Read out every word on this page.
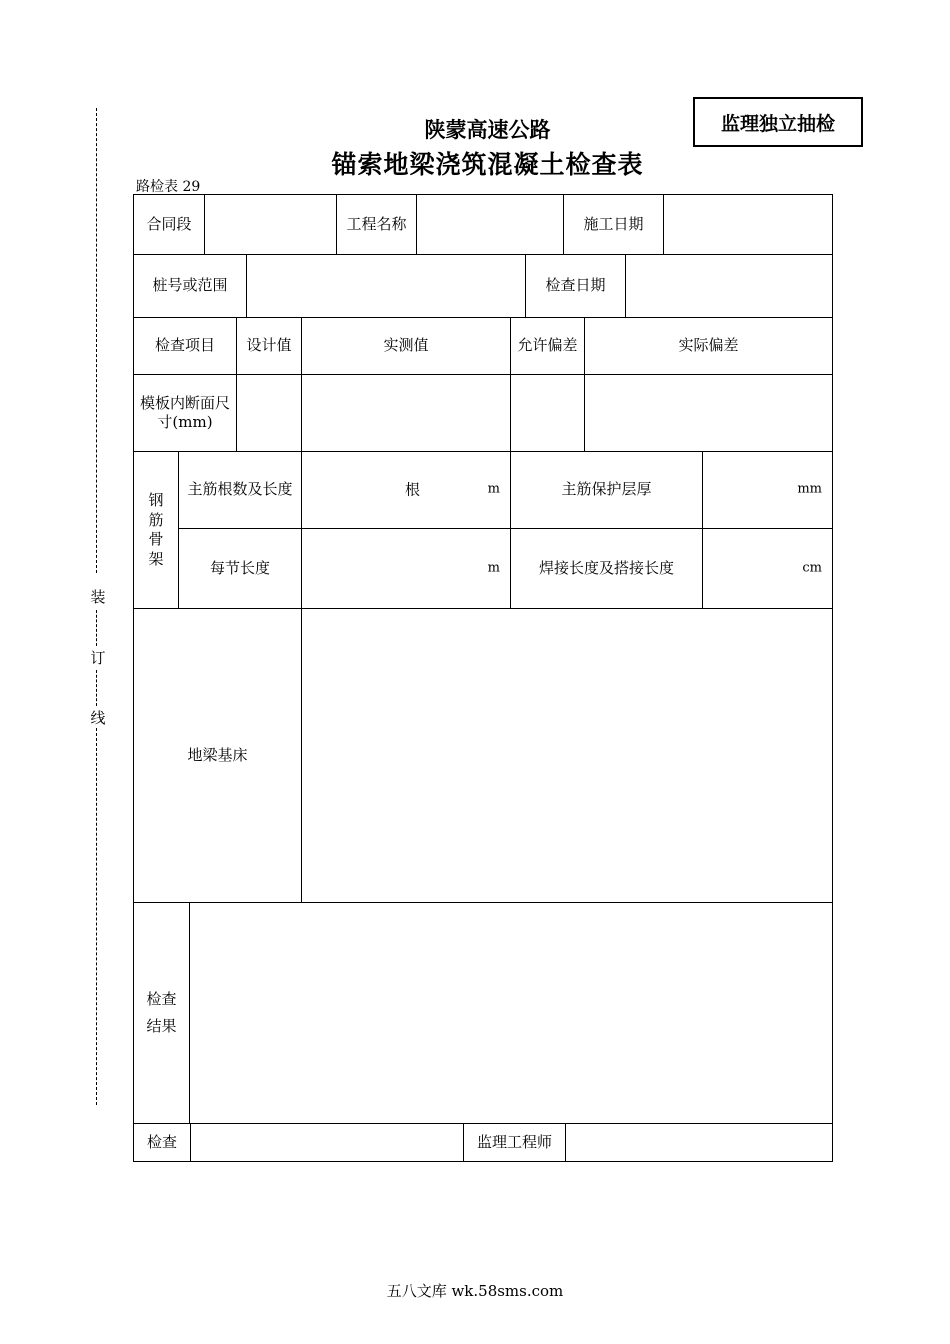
装
订
线
监理独立抽检
陕蒙高速公路
锚索地梁浇筑混凝土检查表
路检表 29
合同段		工程名称		施工日期	
桩号或范围		检查日期	
检查项目	设计值	实测值	允许偏差	实际偏差
模板内断面尺寸(mm)				
钢筋骨架	主筋根数及长度	根 m	主筋保护层厚	mm

	每节长度	m	焊接长度及搭接长度	cm
地梁基床	
检查
结果	
检查		监理工程师	
五八文库 wk.58sms.com
